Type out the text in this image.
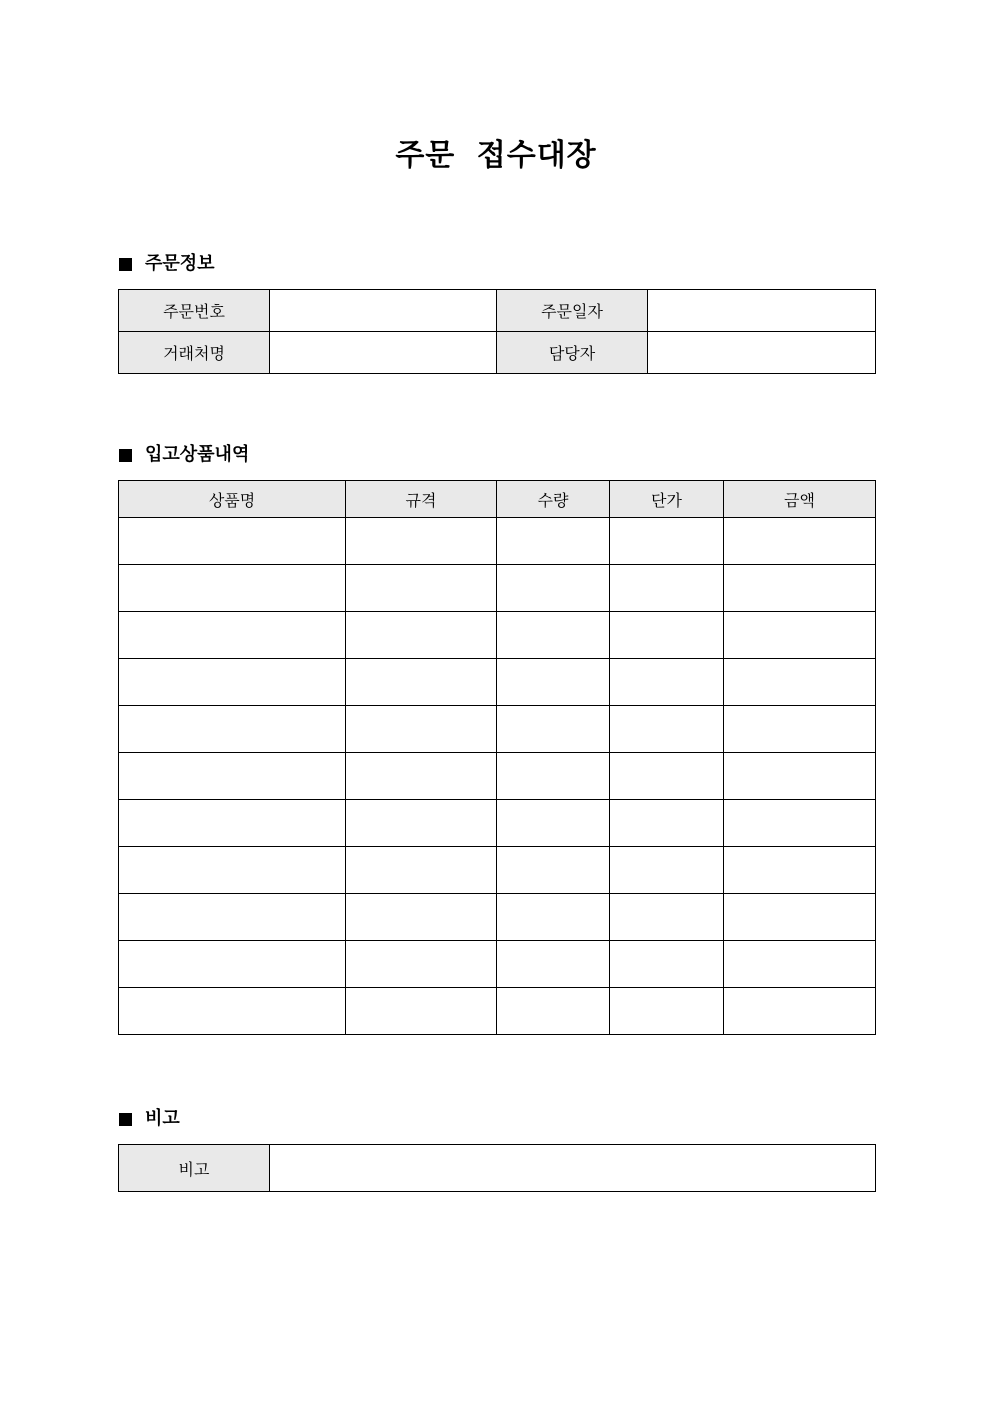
주문 접수대장
주문정보
주문번호		주문일자	
거래처명		담당자	
입고상품내역
상품명	규격	수량	단가	금액

비고
비고	
